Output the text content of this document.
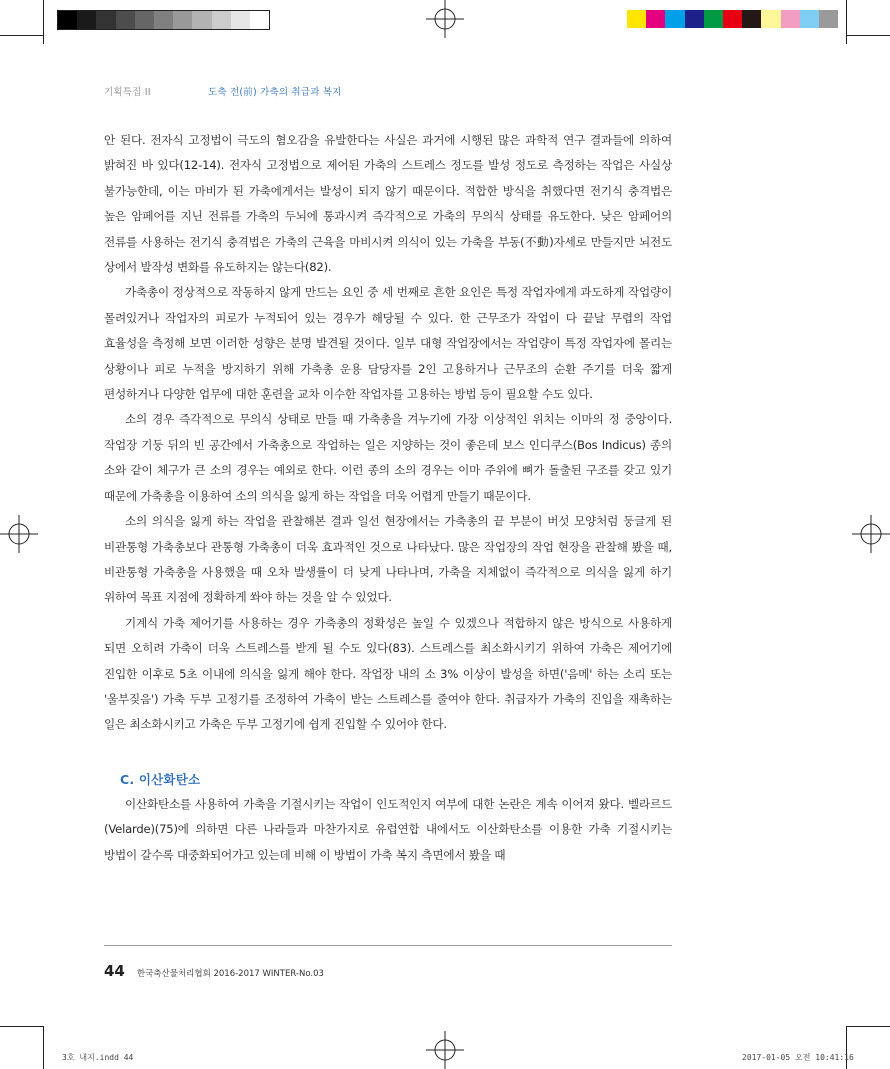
기획특집 II	도축 전(前) 가축의 취급과 복지

안 된다. 전자식 고정법이 극도의 혐오감을 유발한다는 사실은 과거에 시행된 많은 과학적 연구 결과들에 의하여 밝혀진 바 있다(12-14). 전자식 고정법으로 제어된 가축의 스트레스 정도를 발성 정도로 측정하는 작업은 사실상 불가능한데, 이는 마비가 된 가축에게서는 발성이 되지 않기 때문이다. 적합한 방식을 취했다면 전기식 충격법은 높은 암페어를 지닌 전류를 가축의 두뇌에 통과시켜 즉각적으로 가축의 무의식 상태를 유도한다. 낮은 암페어의 전류를 사용하는 전기식 충격법은 가축의 근육을 마비시켜 의식이 있는 가축을 부동(不動)자세로 만들지만 뇌전도 상에서 발작성 변화를 유도하지는 않는다(82).

가축총이 정상적으로 작동하지 않게 만드는 요인 중 세 번째로 흔한 요인은 특정 작업자에게 과도하게 작업량이 몰려있거나 작업자의 피로가 누적되어 있는 경우가 해당될 수 있다. 한 근무조가 작업이 다 끝날 무렵의 작업 효율성을 측정해 보면 이러한 성향은 분명 발견될 것이다. 일부 대형 작업장에서는 작업량이 특정 작업자에 몰리는 상황이나 피로 누적을 방지하기 위해 가축총 운용 담당자를 2인 고용하거나 근무조의 순환 주기를 더욱 짧게 편성하거나 다양한 업무에 대한 훈련을 교차 이수한 작업자를 고용하는 방법 등이 필요할 수도 있다.

소의 경우 즉각적으로 무의식 상태로 만들 때 가축총을 겨누기에 가장 이상적인 위치는 이마의 정 중앙이다. 작업장 기둥 뒤의 빈 공간에서 가축총으로 작업하는 일은 지양하는 것이 좋은데 보스 인디쿠스(Bos Indicus) 종의 소와 같이 체구가 큰 소의 경우는 예외로 한다. 이런 종의 소의 경우는 이마 주위에 뼈가 돌출된 구조를 갖고 있기 때문에 가축총을 이용하여 소의 의식을 잃게 하는 작업을 더욱 어렵게 만들기 때문이다.

소의 의식을 잃게 하는 작업을 관찰해본 결과 일선 현장에서는 가축총의 끝 부분이 버섯 모양처럼 둥글게 된 비관통형 가축총보다 관통형 가축총이 더욱 효과적인 것으로 나타났다. 많은 작업장의 작업 현장을 관찰해 봤을 때, 비관통형 가축총을 사용했을 때 오차 발생률이 더 낮게 나타나며, 가축을 지체없이 즉각적으로 의식을 잃게 하기 위하여 목표 지점에 정확하게 쏴야 하는 것을 알 수 있었다.

기계식 가축 제어기를 사용하는 경우 가축총의 정확성은 높일 수 있겠으나 적합하지 않은 방식으로 사용하게 되면 오히려 가축이 더욱 스트레스를 받게 될 수도 있다(83). 스트레스를 최소화시키기 위하여 가축은 제어기에 진입한 이후로 5초 이내에 의식을 잃게 해야 한다. 작업장 내의 소 3% 이상이 발성을 하면('음메' 하는 소리 또는 '울부짖음') 가축 두부 고정기를 조정하여 가축이 받는 스트레스를 줄여야 한다. 취급자가 가축의 진입을 재촉하는 일은 최소화시키고 가축은 두부 고정기에 쉽게 진입할 수 있어야 한다.

C. 이산화탄소

이산화탄소를 사용하여 가축을 기절시키는 작업이 인도적인지 여부에 대한 논란은 계속 이어져 왔다. 벨라르드(Velarde)(75)에 의하면 다른 나라들과 마찬가지로 유럽연합 내에서도 이산화탄소를 이용한 가축 기절시키는 방법이 갈수록 대중화되어가고 있는데 비해 이 방법이 가축 복지 측면에서 봤을 때

44 한국축산물처리협회 2016-2017 WINTER-No.03
3호 내지.indd 44	2017-01-05 오전 10:41:16
